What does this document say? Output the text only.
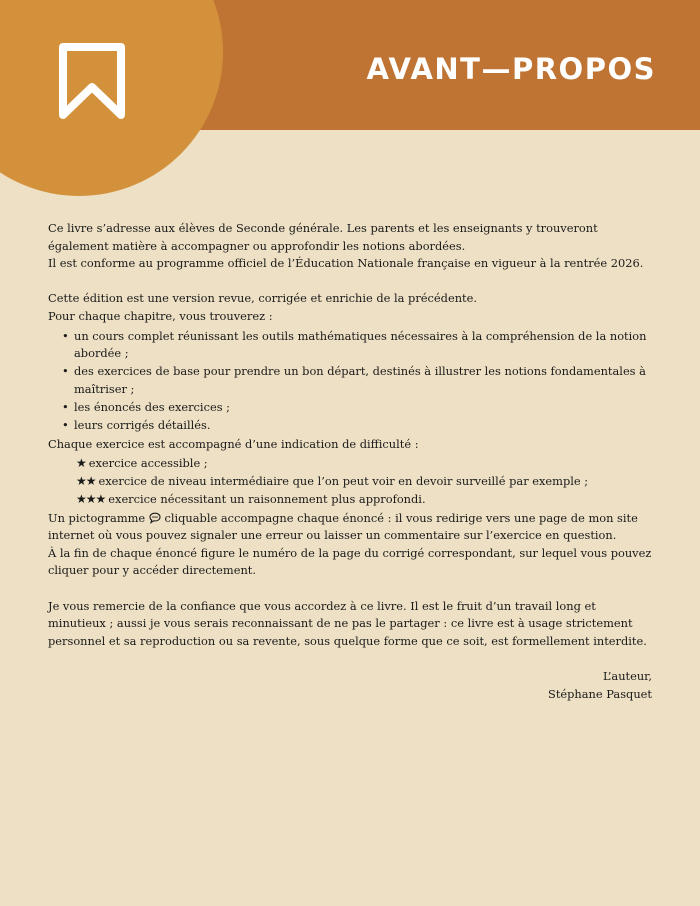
AVANT—PROPOS

Ce livre s’adresse aux élèves de Seconde générale. Les parents et les enseignants y trouveront également matière à accompagner ou approfondir les notions abordées.

Il est conforme au programme officiel de l’Éducation Nationale française en vigueur à la rentrée 2026.

Cette édition est une version revue, corrigée et enrichie de la précédente.

Pour chaque chapitre, vous trouverez :

• un cours complet réunissant les outils mathématiques nécessaires à la compréhension de la notion abordée ;
• des exercices de base pour prendre un bon départ, destinés à illustrer les notions fondamentales à maîtriser ;
• les énoncés des exercices ;
• leurs corrigés détaillés.

Chaque exercice est accompagné d’une indication de difficulté :

★ exercice accessible ;
★★ exercice de niveau intermédiaire que l’on peut voir en devoir surveillé par exemple ;
★★★ exercice nécessitant un raisonnement plus approfondi.

Un pictogramme cliquable accompagne chaque énoncé : il vous redirige vers une page de mon site internet où vous pouvez signaler une erreur ou laisser un commentaire sur l’exercice en question.

À la fin de chaque énoncé figure le numéro de la page du corrigé correspondant, sur lequel vous pouvez cliquer pour y accéder directement.

Je vous remercie de la confiance que vous accordez à ce livre. Il est le fruit d’un travail long et minutieux ; aussi je vous serais reconnaissant de ne pas le partager : ce livre est à usage strictement personnel et sa reproduction ou sa revente, sous quelque forme que ce soit, est formellement interdite.

L’auteur,
Stéphane Pasquet
